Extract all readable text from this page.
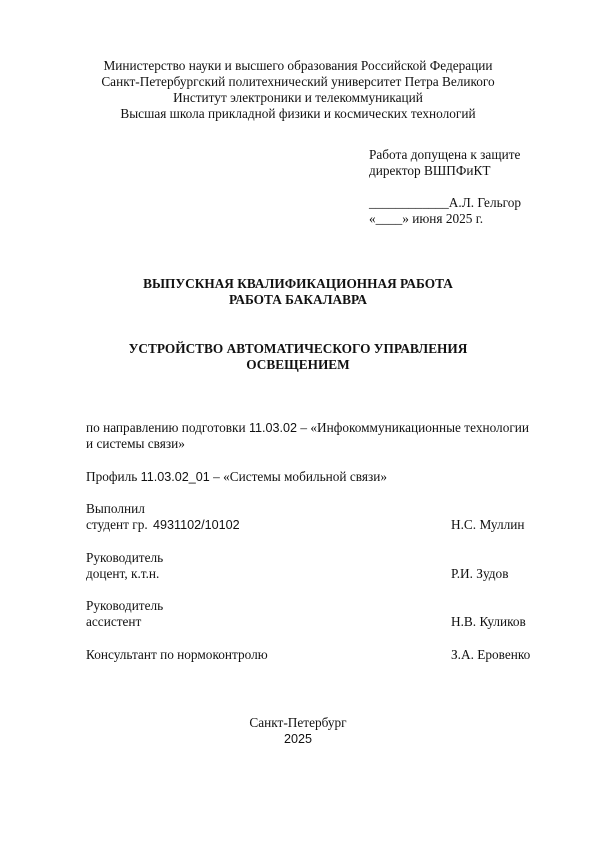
Министерство науки и высшего образования Российской Федерации
Санкт-Петербургский политехнический университет Петра Великого
Институт электроники и телекоммуникаций
Высшая школа прикладной физики и космических технологий
Работа допущена к защите
директор ВШПФиКТ
____________А.Л. Гельгор
«____» июня 2025 г.
ВЫПУСКНАЯ КВАЛИФИКАЦИОННАЯ РАБОТА
РАБОТА БАКАЛАВРА
УСТРОЙСТВО АВТОМАТИЧЕСКОГО УПРАВЛЕНИЯ
ОСВЕЩЕНИЕМ
по направлению подготовки 11.03.02 – «Инфокоммуникационные технологии
и системы связи»
Профиль 11.03.02_01 – «Системы мобильной связи»
Выполнил
студент гр. 4931102/10102	Н.С. Муллин
Руководитель
доцент, к.т.н.	Р.И. Зудов
Руководитель
ассистент	Н.В. Куликов
Консультант по нормоконтролю	З.А. Еровенко
Санкт-Петербург
2025
